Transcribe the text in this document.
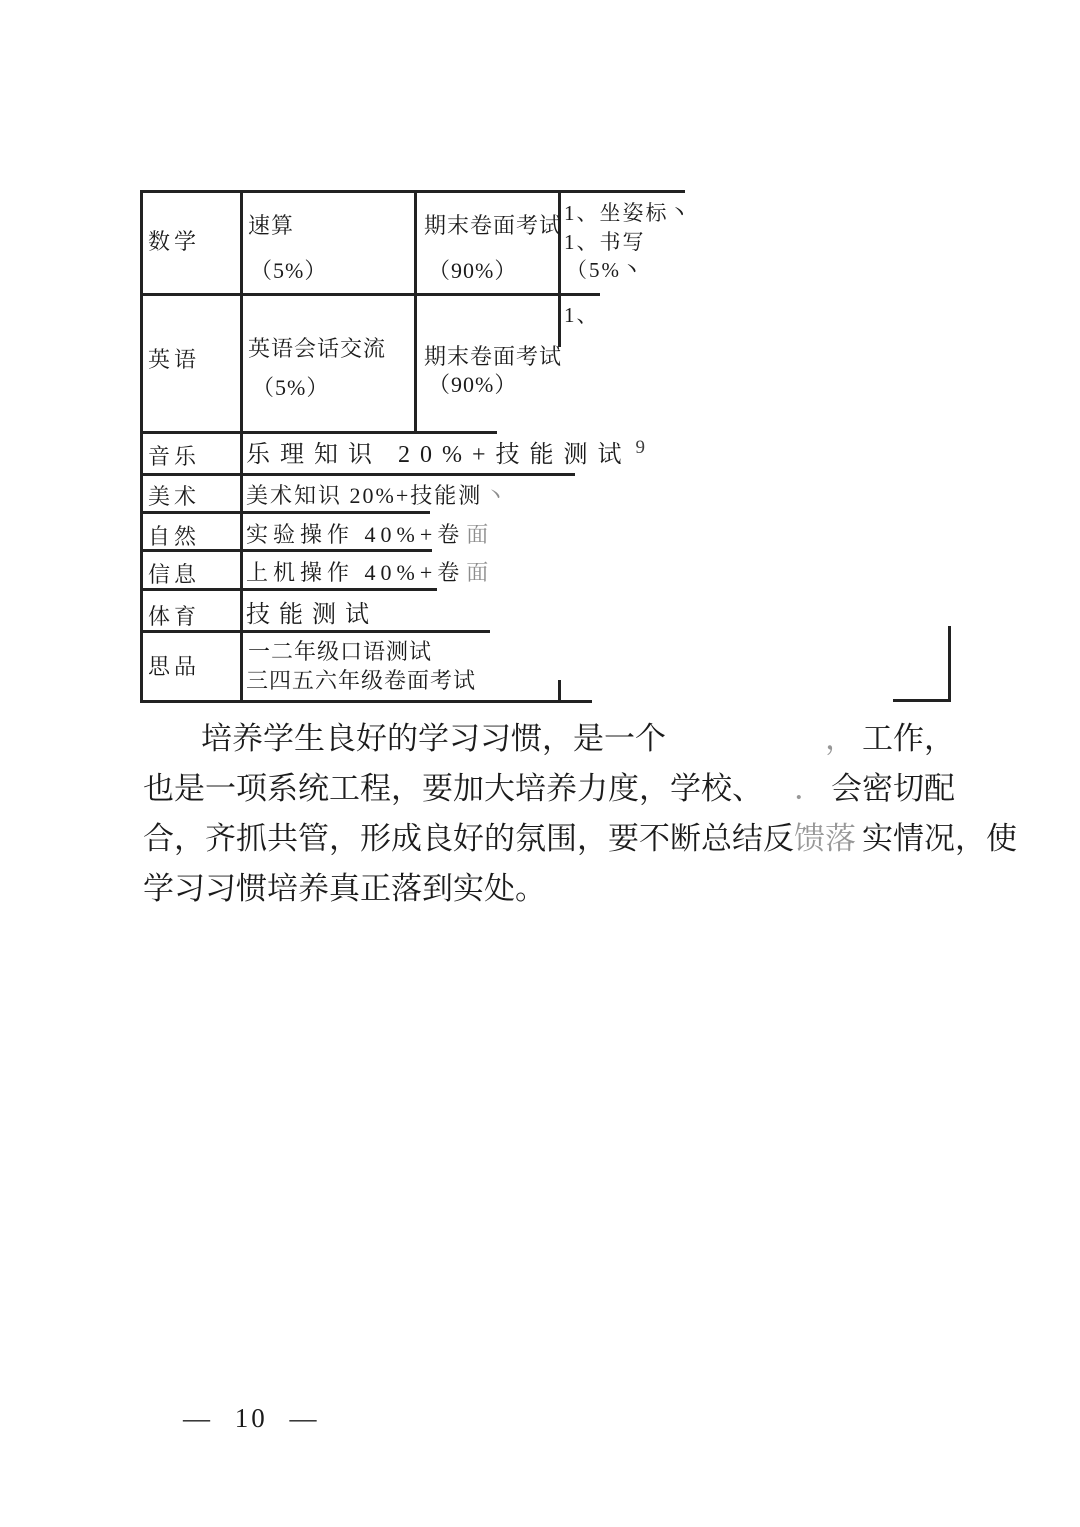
数学
速算
（5%）
期末卷面考试
（90%）
1、坐姿标丶
1、书写
（5%丶
英语 英语会话交流
（5%）
期末卷面考试
（90%）
1、
音乐 乐理知识 20%+技能测试 $^9$
美术 美术知识 20%+技能测丶
自然 实验操作 40%+卷面
信息 上机操作 40%+卷面
体育 技能测试
思品
一二年级口语测试
三四五六年级卷面考试
培养学生良好的学习习惯，是一个	， 工作，
也是一项系统工程，要加大培养力度，学校、 ． 会密切配
合，齐抓共管，形成良好的氛围，要不断总结反 馈落 实情况，使
学习习惯培养真正落到实处。
— 10 —
